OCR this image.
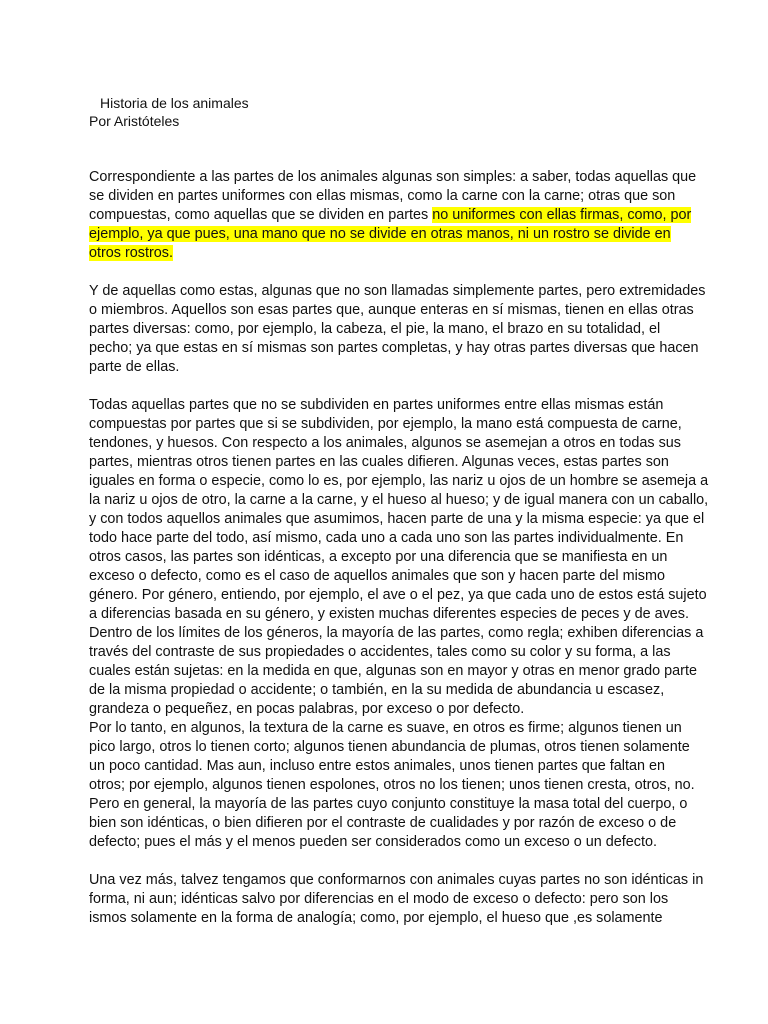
Historia de los animales
Por Aristóteles
Correspondiente a las partes de los animales algunas son simples: a saber, todas aquellas que
se dividen en partes uniformes con ellas mismas, como la carne con la carne; otras que son
compuestas, como aquellas que se dividen en partes no uniformes con ellas firmas, como, por
ejemplo, ya que pues, una mano que no se divide en otras manos, ni un rostro se divide en
otros rostros.
Y de aquellas como estas, algunas que no son llamadas simplemente partes, pero extremidades
o miembros. Aquellos son esas partes que, aunque enteras en sí mismas, tienen en ellas otras
partes diversas: como, por ejemplo, la cabeza, el pie, la mano, el brazo en su totalidad, el
pecho; ya que estas en sí mismas son partes completas, y hay otras partes diversas que hacen
parte de ellas.
Todas aquellas partes que no se subdividen en partes uniformes entre ellas mismas están
compuestas por partes que si se subdividen, por ejemplo, la mano está compuesta de carne,
tendones, y huesos. Con respecto a los animales, algunos se asemejan a otros en todas sus
partes, mientras otros tienen partes en las cuales difieren. Algunas veces, estas partes son
iguales en forma o especie, como lo es, por ejemplo, las nariz u ojos de un hombre se asemeja a
la nariz u ojos de otro, la carne a la carne, y el hueso al hueso; y de igual manera con un caballo,
y con todos aquellos animales que asumimos, hacen parte de una y la misma especie: ya que el
todo hace parte del todo, así mismo, cada uno a cada uno son las partes individualmente. En
otros casos, las partes son idénticas, a excepto por una diferencia que se manifiesta en un
exceso o defecto, como es el caso de aquellos animales que son y hacen parte del mismo
género. Por género, entiendo, por ejemplo, el ave o el pez, ya que cada uno de estos está sujeto
a diferencias basada en su género, y existen muchas diferentes especies de peces y de aves.
Dentro de los límites de los géneros, la mayoría de las partes, como regla; exhiben diferencias a
través del contraste de sus propiedades o accidentes, tales como su color y su forma, a las
cuales están sujetas: en la medida en que, algunas son en mayor y otras en menor grado parte
de la misma propiedad o accidente; o también, en la su medida de abundancia u escasez,
grandeza o pequeñez, en pocas palabras, por exceso o por defecto.
Por lo tanto, en algunos, la textura de la carne es suave, en otros es firme; algunos tienen un
pico largo, otros lo tienen corto; algunos tienen abundancia de plumas, otros tienen solamente
un poco cantidad. Mas aun, incluso entre estos animales, unos tienen partes que faltan en
otros; por ejemplo, algunos tienen espolones, otros no los tienen; unos tienen cresta, otros, no.
Pero en general, la mayoría de las partes cuyo conjunto constituye la masa total del cuerpo, o
bien son idénticas, o bien difieren por el contraste de cualidades y por razón de exceso o de
defecto; pues el más y el menos pueden ser considerados como un exceso o un defecto.
Una vez más, talvez tengamos que conformarnos con animales cuyas partes no son idénticas in
forma, ni aun; idénticas salvo por diferencias en el modo de exceso o defecto: pero son los
ismos solamente en la forma de analogía; como, por ejemplo, el hueso que ,es solamente
